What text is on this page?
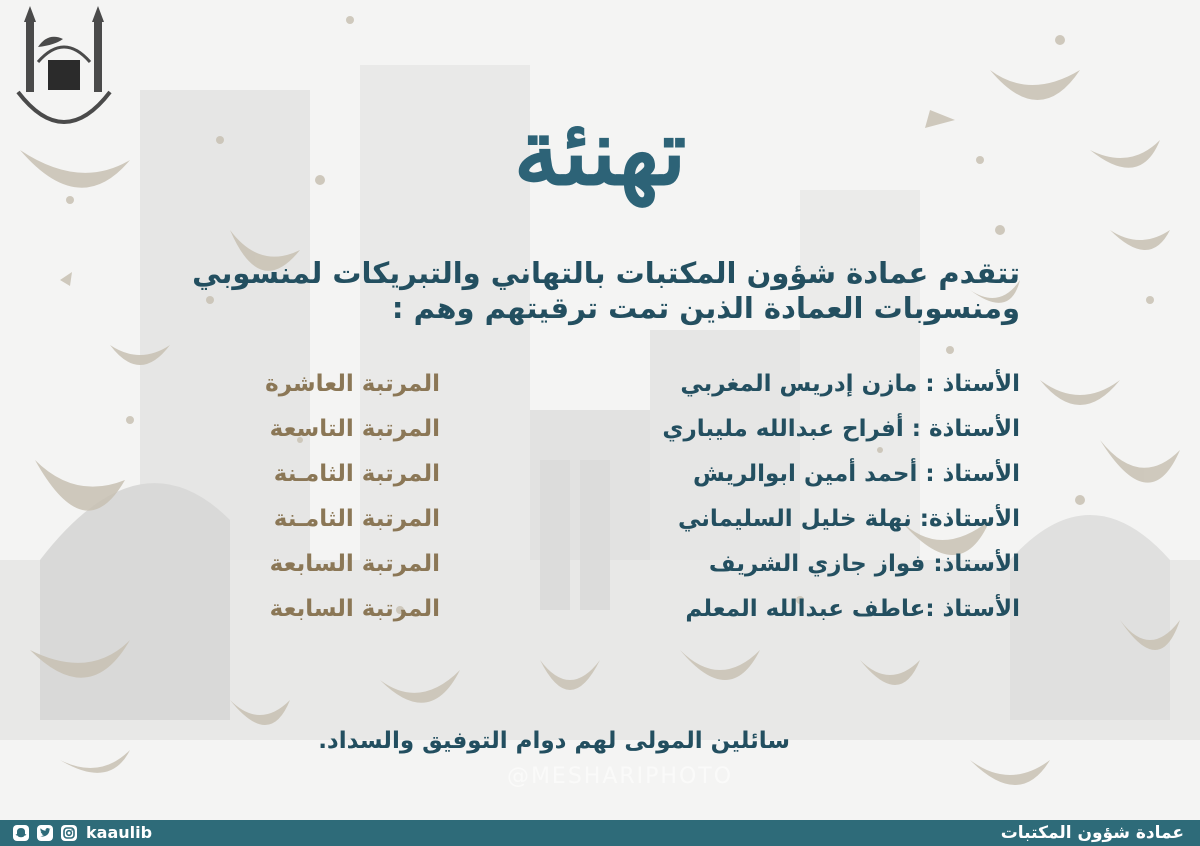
تهنئة
تتقدم عمادة شؤون المكتبات بالتهاني والتبريكات لمنسوبي
ومنسوبات العمادة الذين تمت ترقيتهم وهم :
الأستاذ : مازن إدريس المغربي
المرتبة العاشرة
الأستاذة : أفراح عبدالله مليباري
المرتبة التاسعة
الأستاذ : أحمد أمين ابوالريش
المرتبة الثامـنة
الأستاذة: نهلة خليل السليماني
المرتبة الثامـنة
الأستاذ: فواز جازي الشريف
المرتبة السابعة
الأستاذ :عاطف عبدالله المعلم
المرتبة السابعة
سائلين المولى لهم دوام التوفيق والسداد.
@MESHARIPHOTO
kaaulib	عمادة شؤون المكتبات
